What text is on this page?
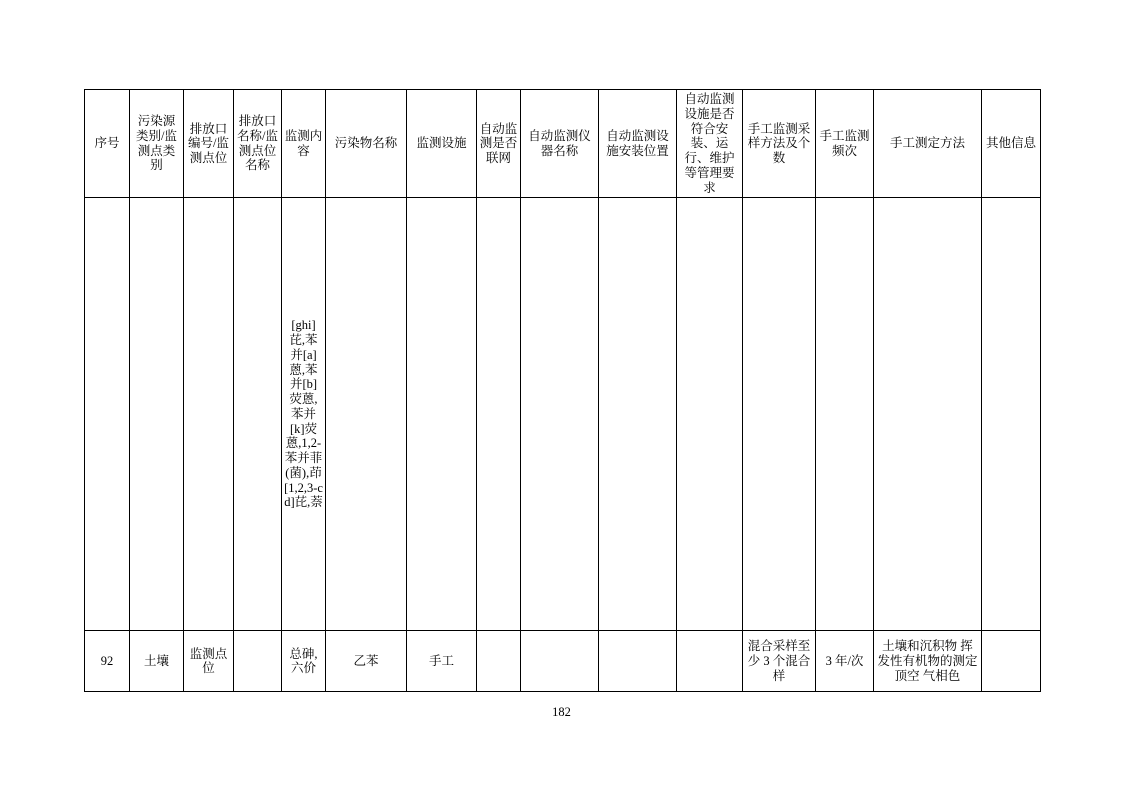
序号	污染源类别/监测点类别	排放口编号/监测点位	排放口名称/监测点位名称	监测内容	污染物名称	监测设施	自动监测是否联网	自动监测仪器名称	自动监测设施安装位置	自动监测设施是否符合安装、运行、维护等管理要求	手工监测采样方法及个数	手工监测频次	手工测定方法	其他信息
				[ghi]芘,苯并[a]蒽,苯并[b]荧蒽,苯并[k]荧蒽,1,2-苯并菲(菌),茚[1,2,3-cd]芘,萘										
92	土壤	监测点位		总砷,六价	乙苯	手工					混合采样至少 3 个混合样	3 年/次	土壤和沉积物 挥发性有机物的测定 顶空 气相色	
182
